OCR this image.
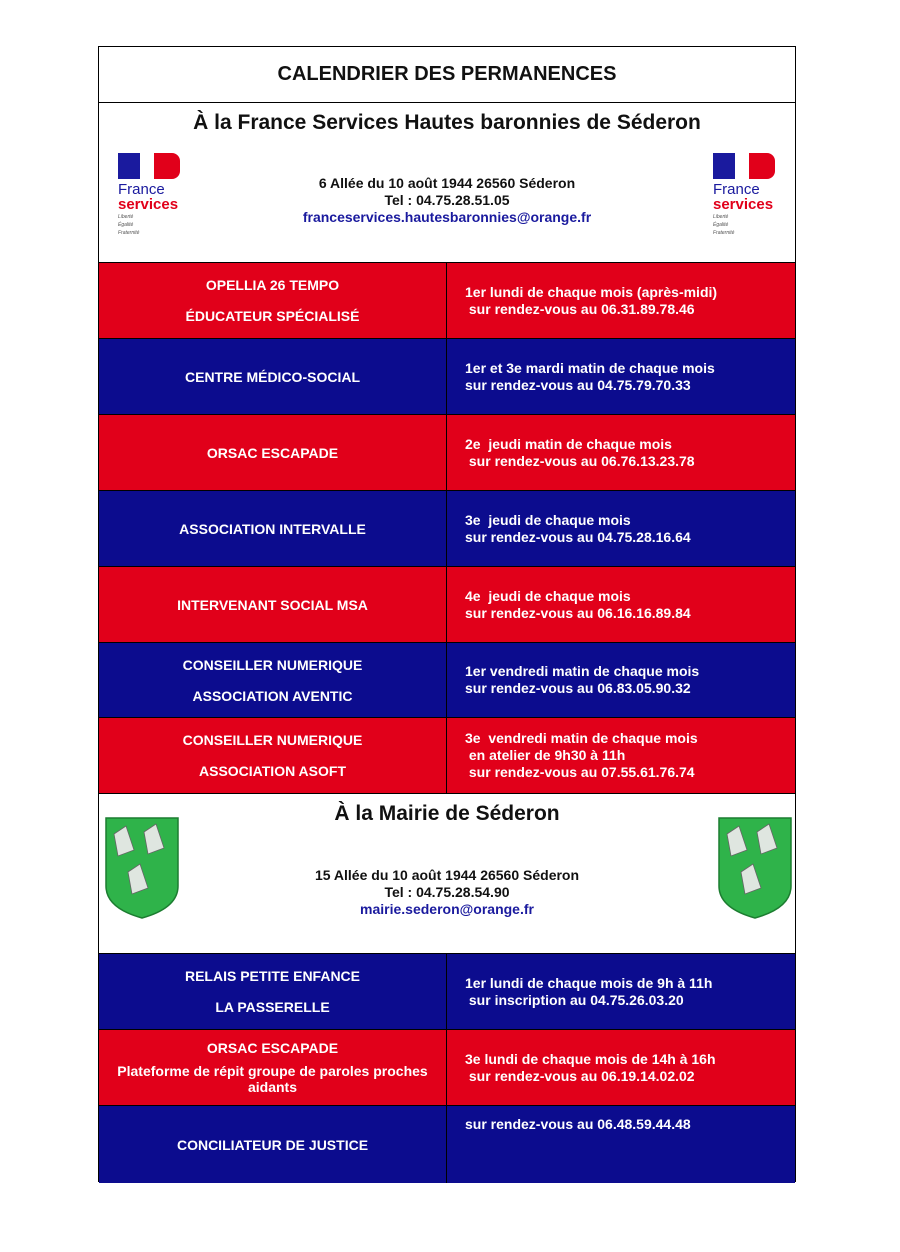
CALENDRIER DES PERMANENCES
À la France Services Hautes baronnies de Séderon
France
services
Liberté
Égalité
Fraternité
France
services
Liberté
Égalité
Fraternité
6 Allée du 10 août 1944 26560 Séderon
Tel : 04.75.28.51.05
franceservices.hautesbaronnies@orange.fr
À la Mairie de Séderon
15 Allée du 10 août 1944 26560 Séderon
Tel : 04.75.28.54.90
mairie.sederon@orange.fr
OPELLIA 26 TEMPO
ÉDUCATEUR SPÉCIALISÉ
1er lundi de chaque mois (après-midi)
sur rendez-vous au 06.31.89.78.46
CENTRE MÉDICO-SOCIAL
1er et 3e mardi matin de chaque mois
sur rendez-vous au 04.75.79.70.33
ORSAC ESCAPADE
2e  jeudi matin de chaque mois
sur rendez-vous au 06.76.13.23.78
ASSOCIATION INTERVALLE
3e  jeudi de chaque mois
sur rendez-vous au 04.75.28.16.64
INTERVENANT SOCIAL MSA
4e  jeudi de chaque mois
sur rendez-vous au 06.16.16.89.84
CONSEILLER NUMERIQUE
ASSOCIATION AVENTIC
1er vendredi matin de chaque mois
sur rendez-vous au 06.83.05.90.32
CONSEILLER NUMERIQUE
ASSOCIATION ASOFT
3e  vendredi matin de chaque mois
en atelier de 9h30 à 11h
sur rendez-vous au 07.55.61.76.74
RELAIS PETITE ENFANCE
LA PASSERELLE
1er lundi de chaque mois de 9h à 11h
sur inscription au 04.75.26.03.20
ORSAC ESCAPADE
Plateforme de répit groupe de paroles proches aidants
3e lundi de chaque mois de 14h à 16h
sur rendez-vous au 06.19.14.02.02
CONCILIATEUR DE JUSTICE
sur rendez-vous au 06.48.59.44.48
